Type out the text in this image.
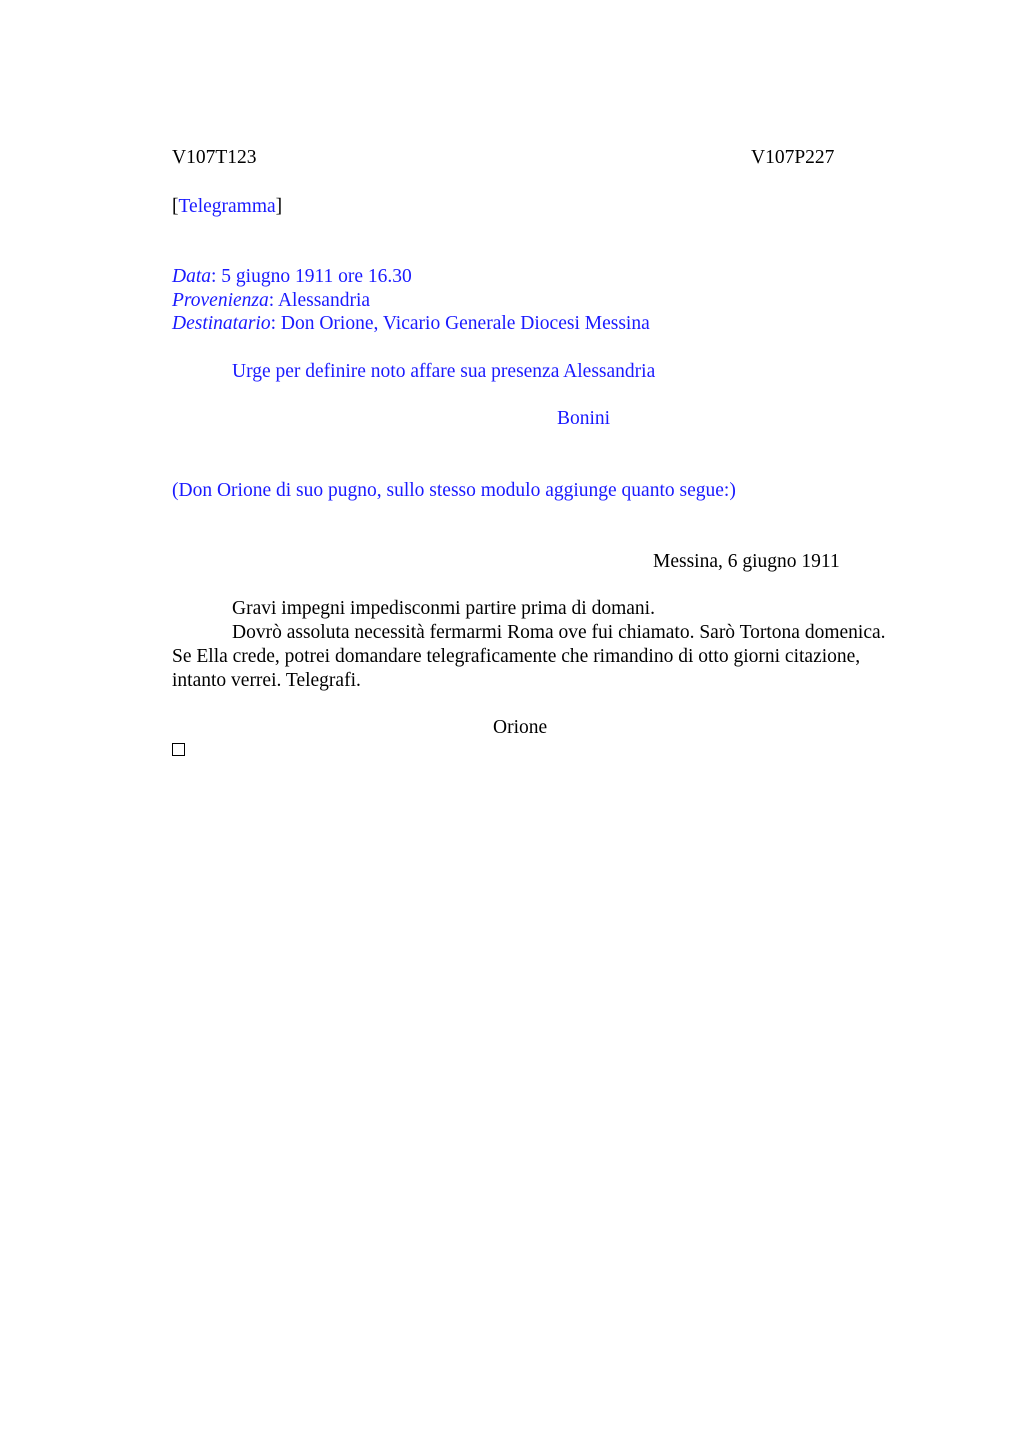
V107T123	V107P227
[Telegramma]
Data: 5 giugno 1911 ore 16.30
Provenienza: Alessandria
Destinatario: Don Orione, Vicario Generale Diocesi Messina
Urge per definire noto affare sua presenza Alessandria
Bonini
(Don Orione di suo pugno, sullo stesso modulo aggiunge quanto segue:)
Messina, 6 giugno 1911
Gravi impegni impedisconmi partire prima di domani.
Dovrò assoluta necessità fermarmi Roma ove fui chiamato. Sarò Tortona domenica.
Se Ella crede, potrei domandare telegraficamente che rimandino di otto giorni citazione,
intanto verrei. Telegrafi.
Orione
